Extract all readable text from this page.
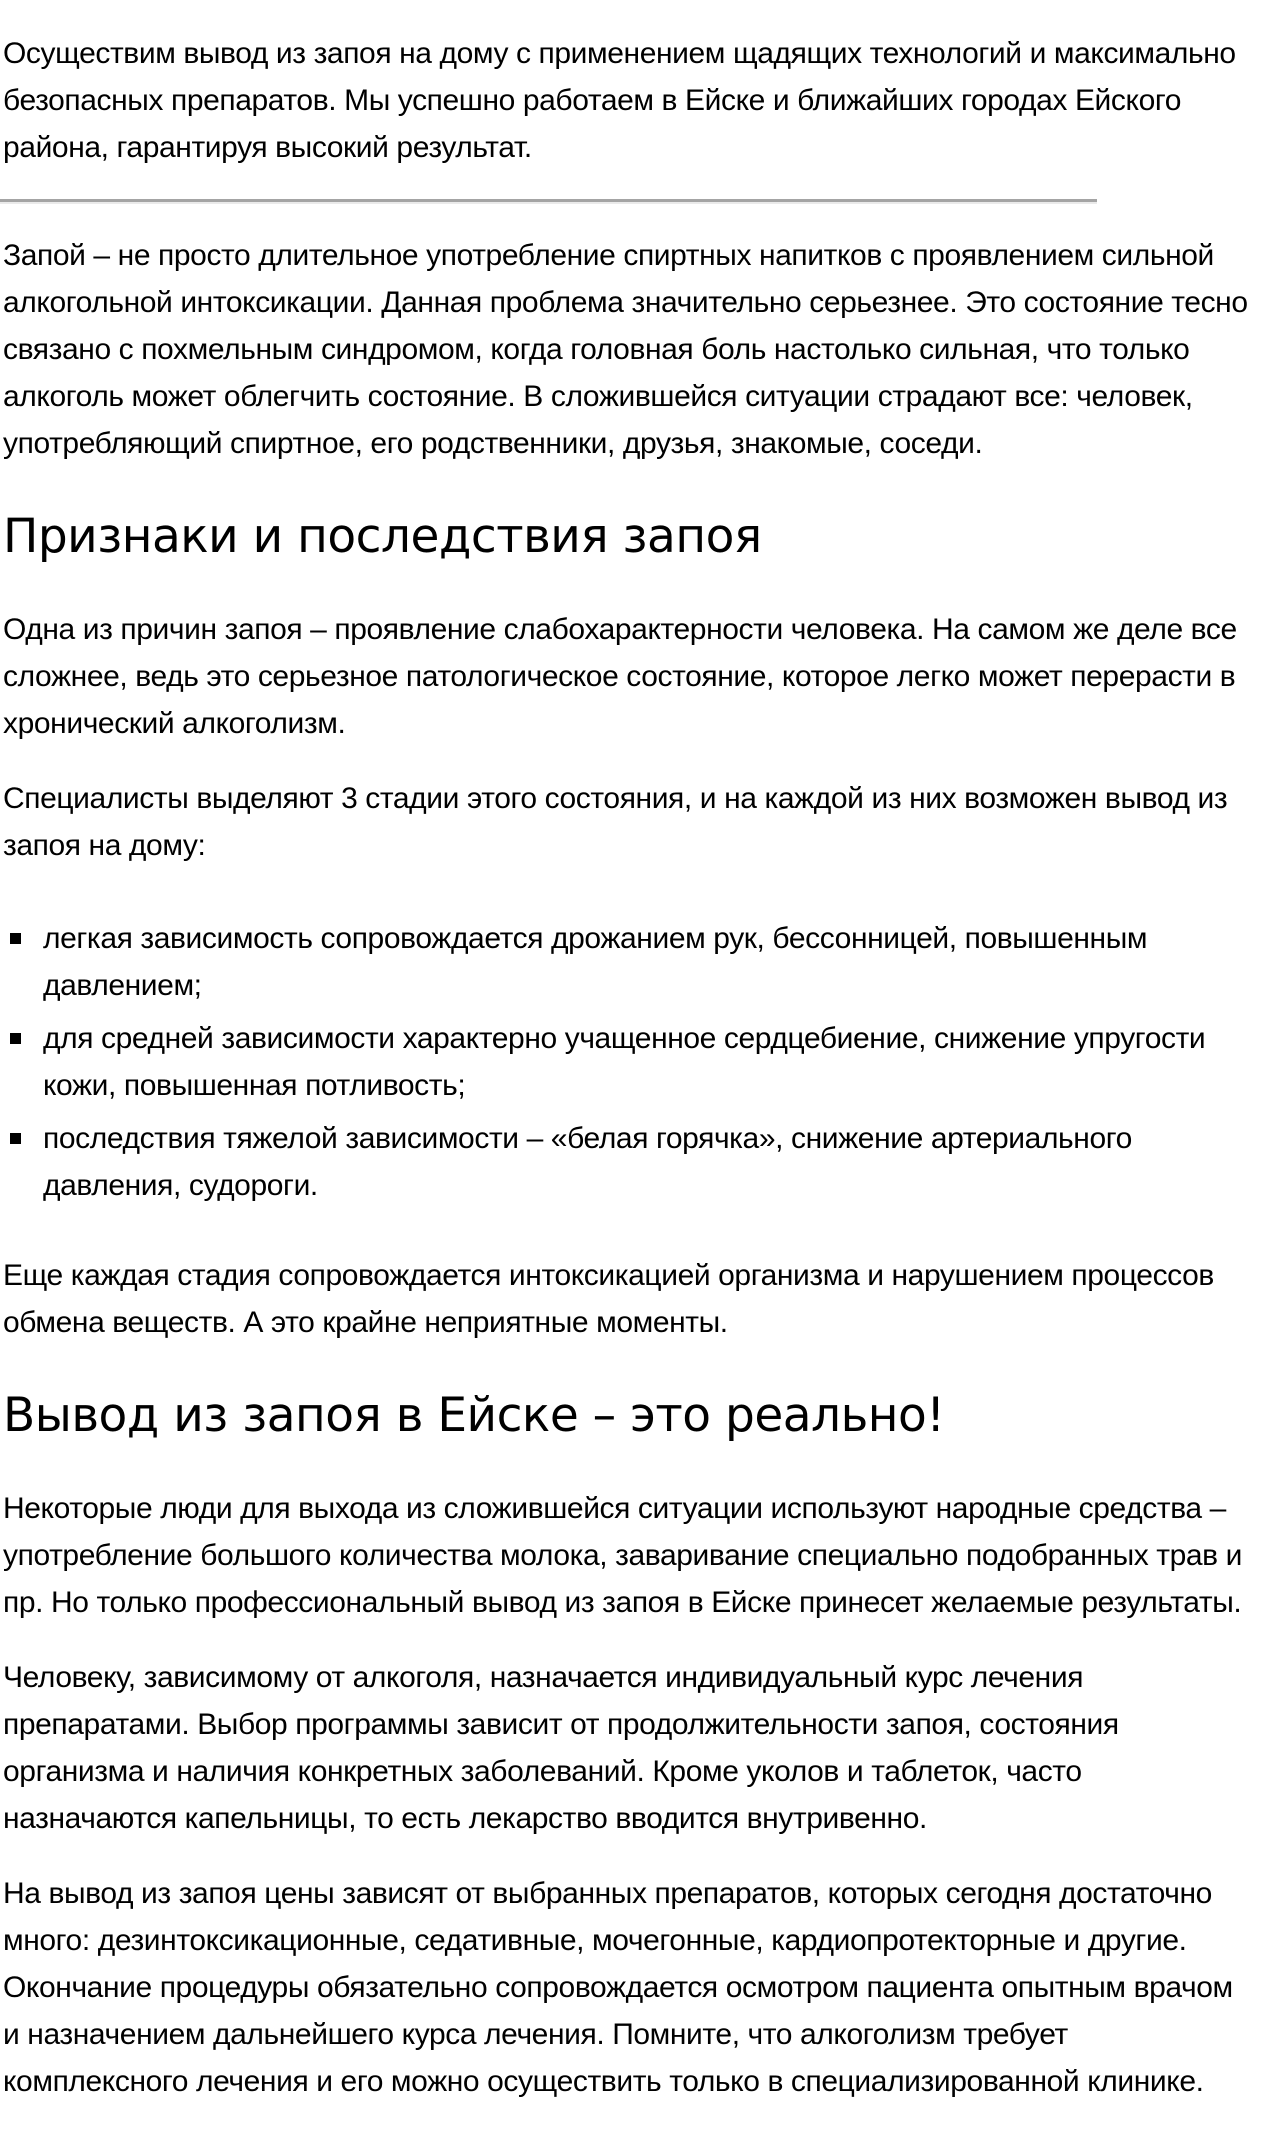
Осуществим вывод из запоя на дому с применением щадящих технологий и максимально безопасных препаратов. Мы успешно работаем в Ейске и ближайших городах Ейского района, гарантируя высокий результат.

Запой – не просто длительное употребление спиртных напитков с проявлением сильной алкогольной интоксикации. Данная проблема значительно серьезнее. Это состояние тесно связано с похмельным синдромом, когда головная боль настолько сильная, что только алкоголь может облегчить состояние. В сложившейся ситуации страдают все: человек, употребляющий спиртное, его родственники, друзья, знакомые, соседи.

Признаки и последствия запоя

Одна из причин запоя – проявление слабохарактерности человека. На самом же деле все сложнее, ведь это серьезное патологическое состояние, которое легко может перерасти в хронический алкоголизм.

Специалисты выделяют 3 стадии этого состояния, и на каждой из них возможен вывод из запоя на дому:

легкая зависимость сопровождается дрожанием рук, бессонницей, повышенным давлением;
для средней зависимости характерно учащенное сердцебиение, снижение упругости кожи, повышенная потливость;
последствия тяжелой зависимости – «белая горячка», снижение артериального давления, судороги.

Еще каждая стадия сопровождается интоксикацией организма и нарушением процессов обмена веществ. А это крайне неприятные моменты.

Вывод из запоя в Ейске – это реально!

Некоторые люди для выхода из сложившейся ситуации используют народные средства – употребление большого количества молока, заваривание специально подобранных трав и пр. Но только профессиональный вывод из запоя в Ейске принесет желаемые результаты.

Человеку, зависимому от алкоголя, назначается индивидуальный курс лечения препаратами. Выбор программы зависит от продолжительности запоя, состояния организма и наличия конкретных заболеваний. Кроме уколов и таблеток, часто назначаются капельницы, то есть лекарство вводится внутривенно.

На вывод из запоя цены зависят от выбранных препаратов, которых сегодня достаточно много: дезинтоксикационные, седативные, мочегонные, кардиопротекторные и другие. Окончание процедуры обязательно сопровождается осмотром пациента опытным врачом и назначением дальнейшего курса лечения. Помните, что алкоголизм требует комплексного лечения и его можно осуществить только в специализированной клинике.
